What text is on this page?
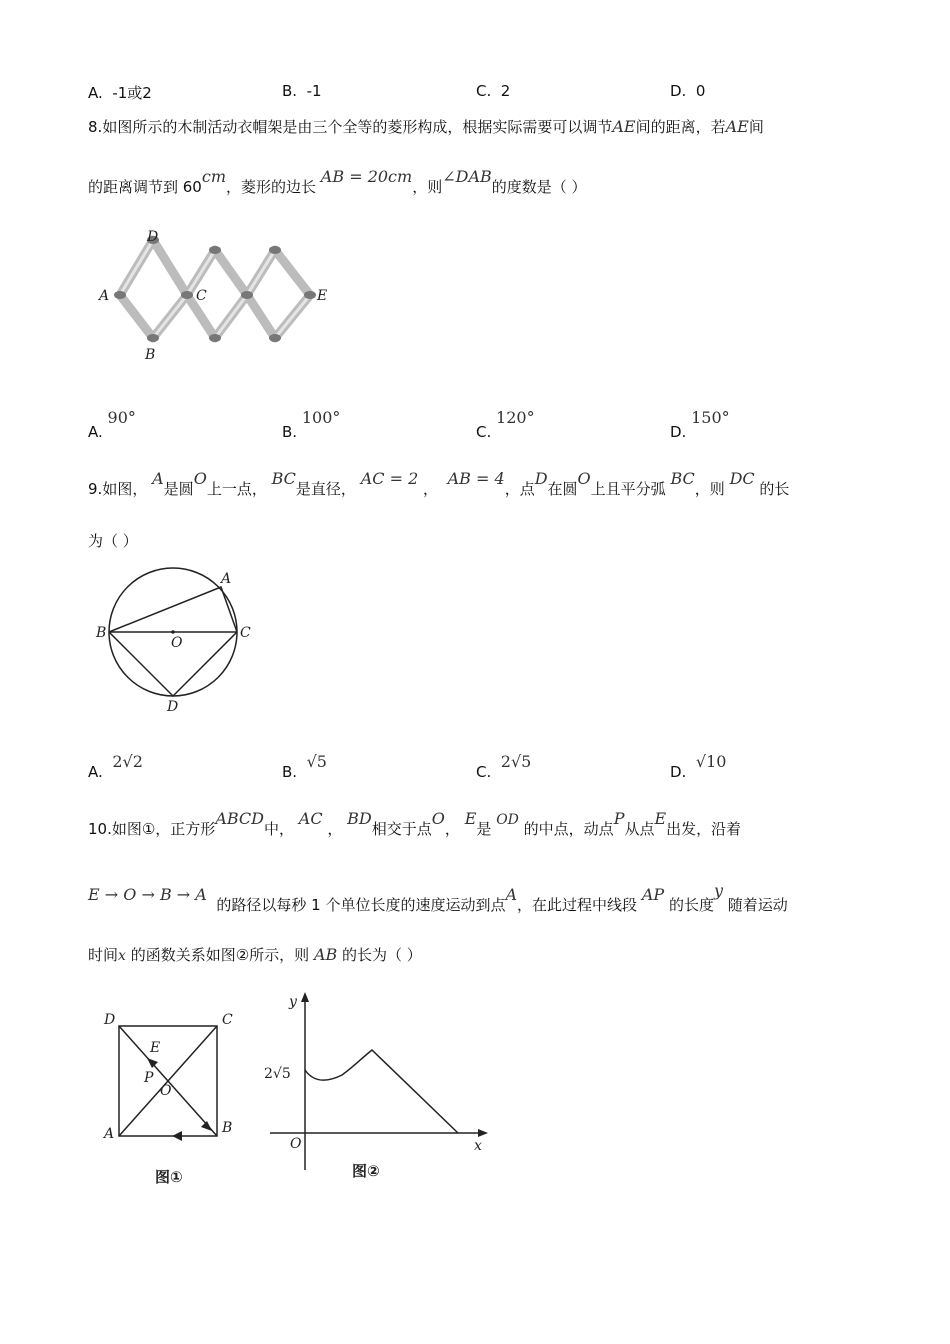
A. -1或2	B. -1	C. 2	D. 0
8.如图所示的木制活动衣帽架是由三个全等的菱形构成，根据实际需要可以调节AE间的距离，若AE间
的距离调节到 60cm，菱形的边长 AB = 20cm，则∠DAB的度数是（ ）
D
A	C	E
B
A. 90°
B. 100°
C. 120°
D. 150°
9.如图， A是圆O上一点， BC是直径， AC = 2 ，  AB = 4，点D在圆O上且平分弧 BC，则 DC 的长
为（ ）
A
B
O
C
D
A.  2√2
B.  √5
C.  2√5
D.  √10
10.如图①，正方形ABCD中， AC ， BD相交于点O， E是 OD 的中点，动点P从点E出发，沿着
E → O → B → A  的路径以每秒 1 个单位长度的速度运动到点A，在此过程中线段 AP 的长度y 随着运动
时间x 的函数关系如图②所示，则 AB 的长为（ ）
D	C
E
P
O
A	B
图①
y
x
O
2√5
图②
